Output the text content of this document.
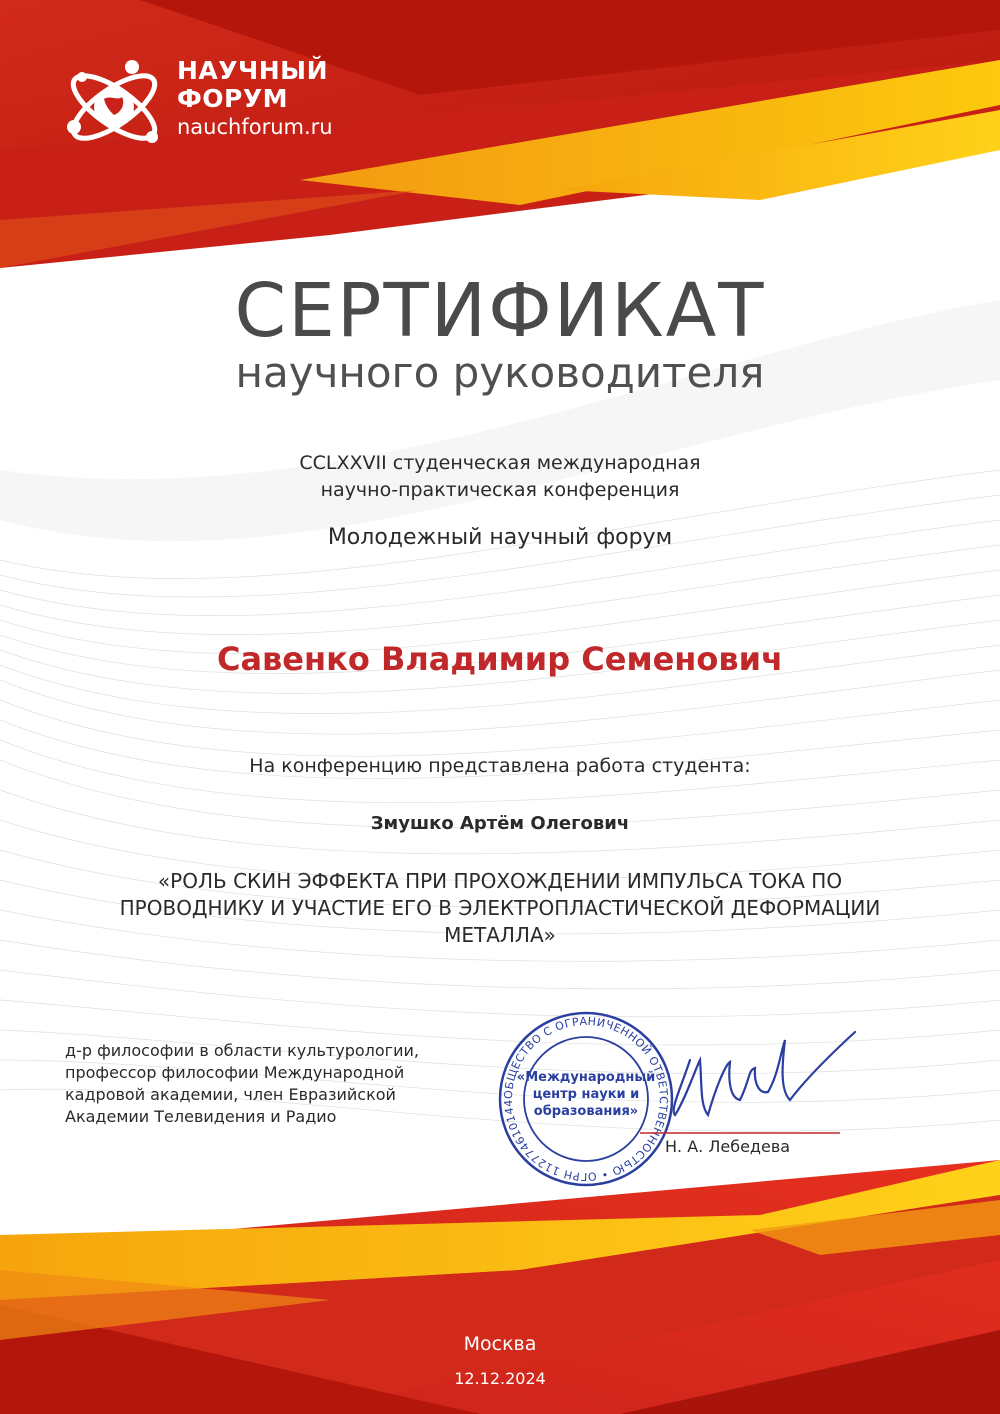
НАУЧНЫЙ
ФОРУМ
nauchforum.ru
СЕРТИФИКАТ
научного руководителя
CCLXXVII студенческая международная
научно-практическая конференция
Молодежный научный форум
Савенко Владимир Семенович
На конференцию представлена работа студента:
Змушко Артём Олегович
«РОЛЬ СКИН ЭФФЕКТА ПРИ ПРОХОЖДЕНИИ ИМПУЛЬСА ТОКА ПО
ПРОВОДНИКУ И УЧАСТИЕ ЕГО В ЭЛЕКТРОПЛАСТИЧЕСКОЙ ДЕФОРМАЦИИ
МЕТАЛЛА»
д-р философии в области культурологии,
профессор философии Международной
кадровой академии, член Евразийской
Академии Телевидения и Радио
ОБЩЕСТВО С ОГРАНИЧЕННОЙ ОТВЕТСТВЕННОСТЬЮ • ОГРН 112774610144
«Международный
центр науки и
образования»
Н. А. Лебедева
Москва
12.12.2024
